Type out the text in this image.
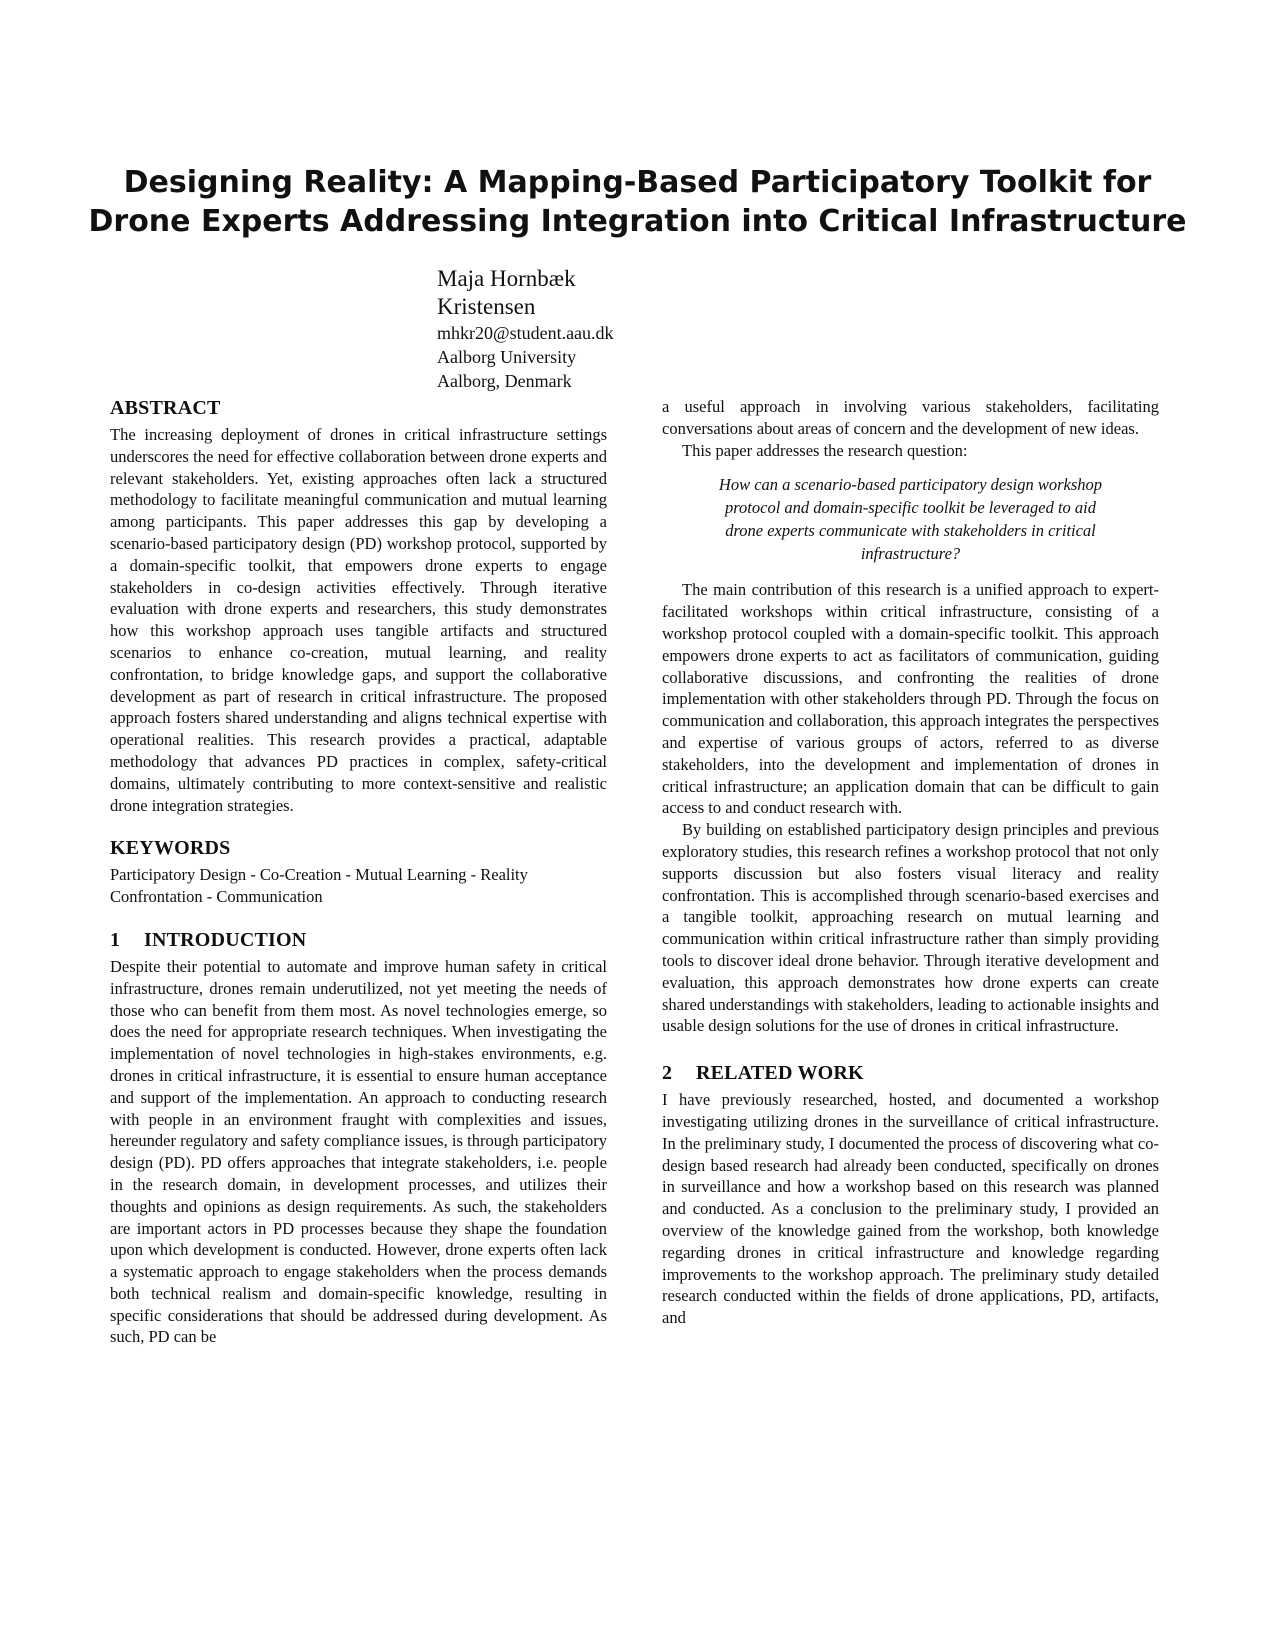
Designing Reality: A Mapping-Based Participatory Toolkit for Drone Experts Addressing Integration into Critical Infrastructure

Maja Hornbæk

Kristensen

mhkr20@student.aau.dk

Aalborg University

Aalborg, Denmark

ABSTRACT

The increasing deployment of drones in critical infrastructure settings underscores the need for effective collaboration between drone experts and relevant stakeholders. Yet, existing approaches often lack a structured methodology to facilitate meaningful communication and mutual learning among participants. This paper addresses this gap by developing a scenario-based participatory design (PD) workshop protocol, supported by a domain-specific toolkit, that empowers drone experts to engage stakeholders in co-design activities effectively. Through iterative evaluation with drone experts and researchers, this study demonstrates how this workshop approach uses tangible artifacts and structured scenarios to enhance co-creation, mutual learning, and reality confrontation, to bridge knowledge gaps, and support the collaborative development as part of research in critical infrastructure. The proposed approach fosters shared understanding and aligns technical expertise with operational realities. This research provides a practical, adaptable methodology that advances PD practices in complex, safety-critical domains, ultimately contributing to more context-sensitive and realistic drone integration strategies.

KEYWORDS

Participatory Design - Co-Creation - Mutual Learning - Reality Confrontation - Communication

1 INTRODUCTION

Despite their potential to automate and improve human safety in critical infrastructure, drones remain underutilized, not yet meeting the needs of those who can benefit from them most. As novel technologies emerge, so does the need for appropriate research techniques. When investigating the implementation of novel technologies in high-stakes environments, e.g. drones in critical infrastructure, it is essential to ensure human acceptance and support of the implementation. An approach to conducting research with people in an environment fraught with complexities and issues, hereunder regulatory and safety compliance issues, is through participatory design (PD). PD offers approaches that integrate stakeholders, i.e. people in the research domain, in development processes, and utilizes their thoughts and opinions as design requirements. As such, the stakeholders are important actors in PD processes because they shape the foundation upon which development is conducted. However, drone experts often lack a systematic approach to engage stakeholders when the process demands both technical realism and domain-specific knowledge, resulting in specific considerations that should be addressed during development. As such, PD can be

a useful approach in involving various stakeholders, facilitating conversations about areas of concern and the development of new ideas.

This paper addresses the research question:

How can a scenario-based participatory design workshop protocol and domain-specific toolkit be leveraged to aid drone experts communicate with stakeholders in critical infrastructure?

The main contribution of this research is a unified approach to expert-facilitated workshops within critical infrastructure, consisting of a workshop protocol coupled with a domain-specific toolkit. This approach empowers drone experts to act as facilitators of communication, guiding collaborative discussions, and confronting the realities of drone implementation with other stakeholders through PD. Through the focus on communication and collaboration, this approach integrates the perspectives and expertise of various groups of actors, referred to as diverse stakeholders, into the development and implementation of drones in critical infrastructure; an application domain that can be difficult to gain access to and conduct research with.

By building on established participatory design principles and previous exploratory studies, this research refines a workshop protocol that not only supports discussion but also fosters visual literacy and reality confrontation. This is accomplished through scenario-based exercises and a tangible toolkit, approaching research on mutual learning and communication within critical infrastructure rather than simply providing tools to discover ideal drone behavior. Through iterative development and evaluation, this approach demonstrates how drone experts can create shared understandings with stakeholders, leading to actionable insights and usable design solutions for the use of drones in critical infrastructure.

2 RELATED WORK

I have previously researched, hosted, and documented a workshop investigating utilizing drones in the surveillance of critical infrastructure. In the preliminary study, I documented the process of discovering what co-design based research had already been conducted, specifically on drones in surveillance and how a workshop based on this research was planned and conducted. As a conclusion to the preliminary study, I provided an overview of the knowledge gained from the workshop, both knowledge regarding drones in critical infrastructure and knowledge regarding improvements to the workshop approach. The preliminary study detailed research conducted within the fields of drone applications, PD, artifacts, and
